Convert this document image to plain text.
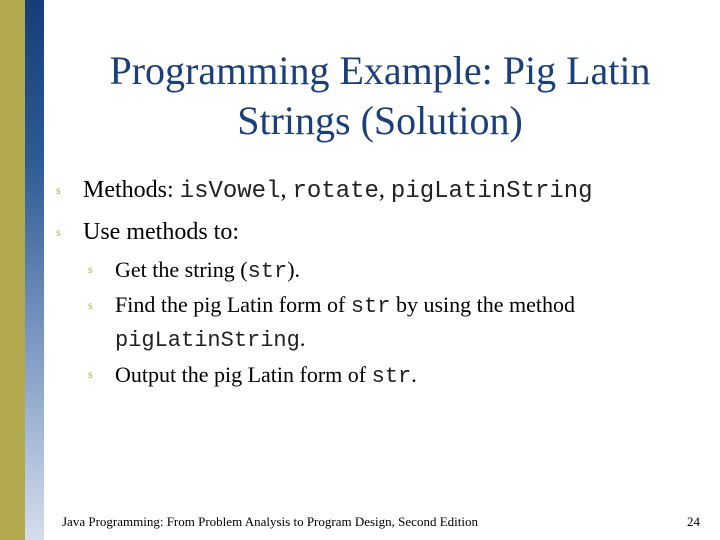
Programming Example: Pig Latin
Strings (Solution)
s Methods: isVowel, rotate, pigLatinString
s Use methods to:
s	Get the string (str).
s	Find the pig Latin form of str by using the method
pigLatinString.
s	Output the pig Latin form of str.
Java Programming: From Problem Analysis to Program Design, Second Edition	24
